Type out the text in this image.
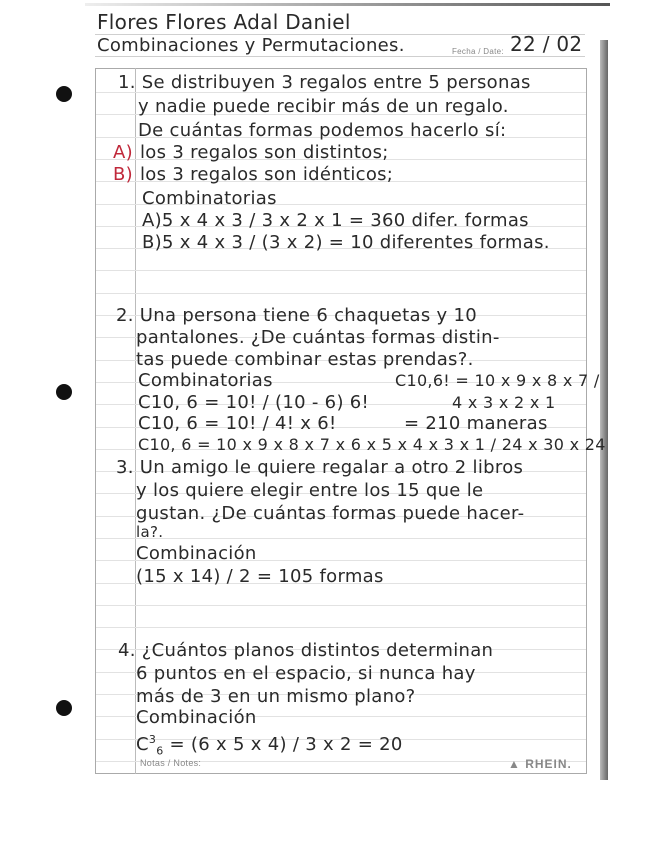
Flores Flores Adal Daniel
Combinaciones y Permutaciones.	Fecha / Date: 22 / 02
1. Se distribuyen 3 regalos entre 5 personas
y nadie puede recibir más de un regalo.
De cuántas formas podemos hacerlo sí:
A) los 3 regalos son distintos;
B) los 3 regalos son idénticos;
Combinatorias
A)5 x 4 x 3 / 3 x 2 x 1 = 360 difer. formas
B)5 x 4 x 3 / (3 x 2) = 10 diferentes formas.
2. Una persona tiene 6 chaquetas y 10
pantalones. ¿De cuántas formas distin-
tas puede combinar estas prendas?.
Combinatorias
C10, 6 = 10! / (10 - 6) 6!
C10, 6 = 10! / 4! x 6!
C10, 6 = 10 x 9 x 8 x 7 x 6 x 5 x 4 x 3 x 1 / 24 x 30 x 24
C10,6! = 10 x 9 x 8 x 7 /
4 x 3 x 2 x 1
= 210 maneras
3. Un amigo le quiere regalar a otro 2 libros
y los quiere elegir entre los 15 que le
gustan. ¿De cuántas formas puede hacer-
la?.
Combinación
(15 x 14) / 2 = 105 formas
4. ¿Cuántos planos distintos determinan
6 puntos en el espacio, si nunca hay
más de 3 en un mismo plano?
Combinación
$C^3_6 = (6$ x 5 x 4) / 3 x 2 = 20
Notas / Notes:	▲ RHEIN.
